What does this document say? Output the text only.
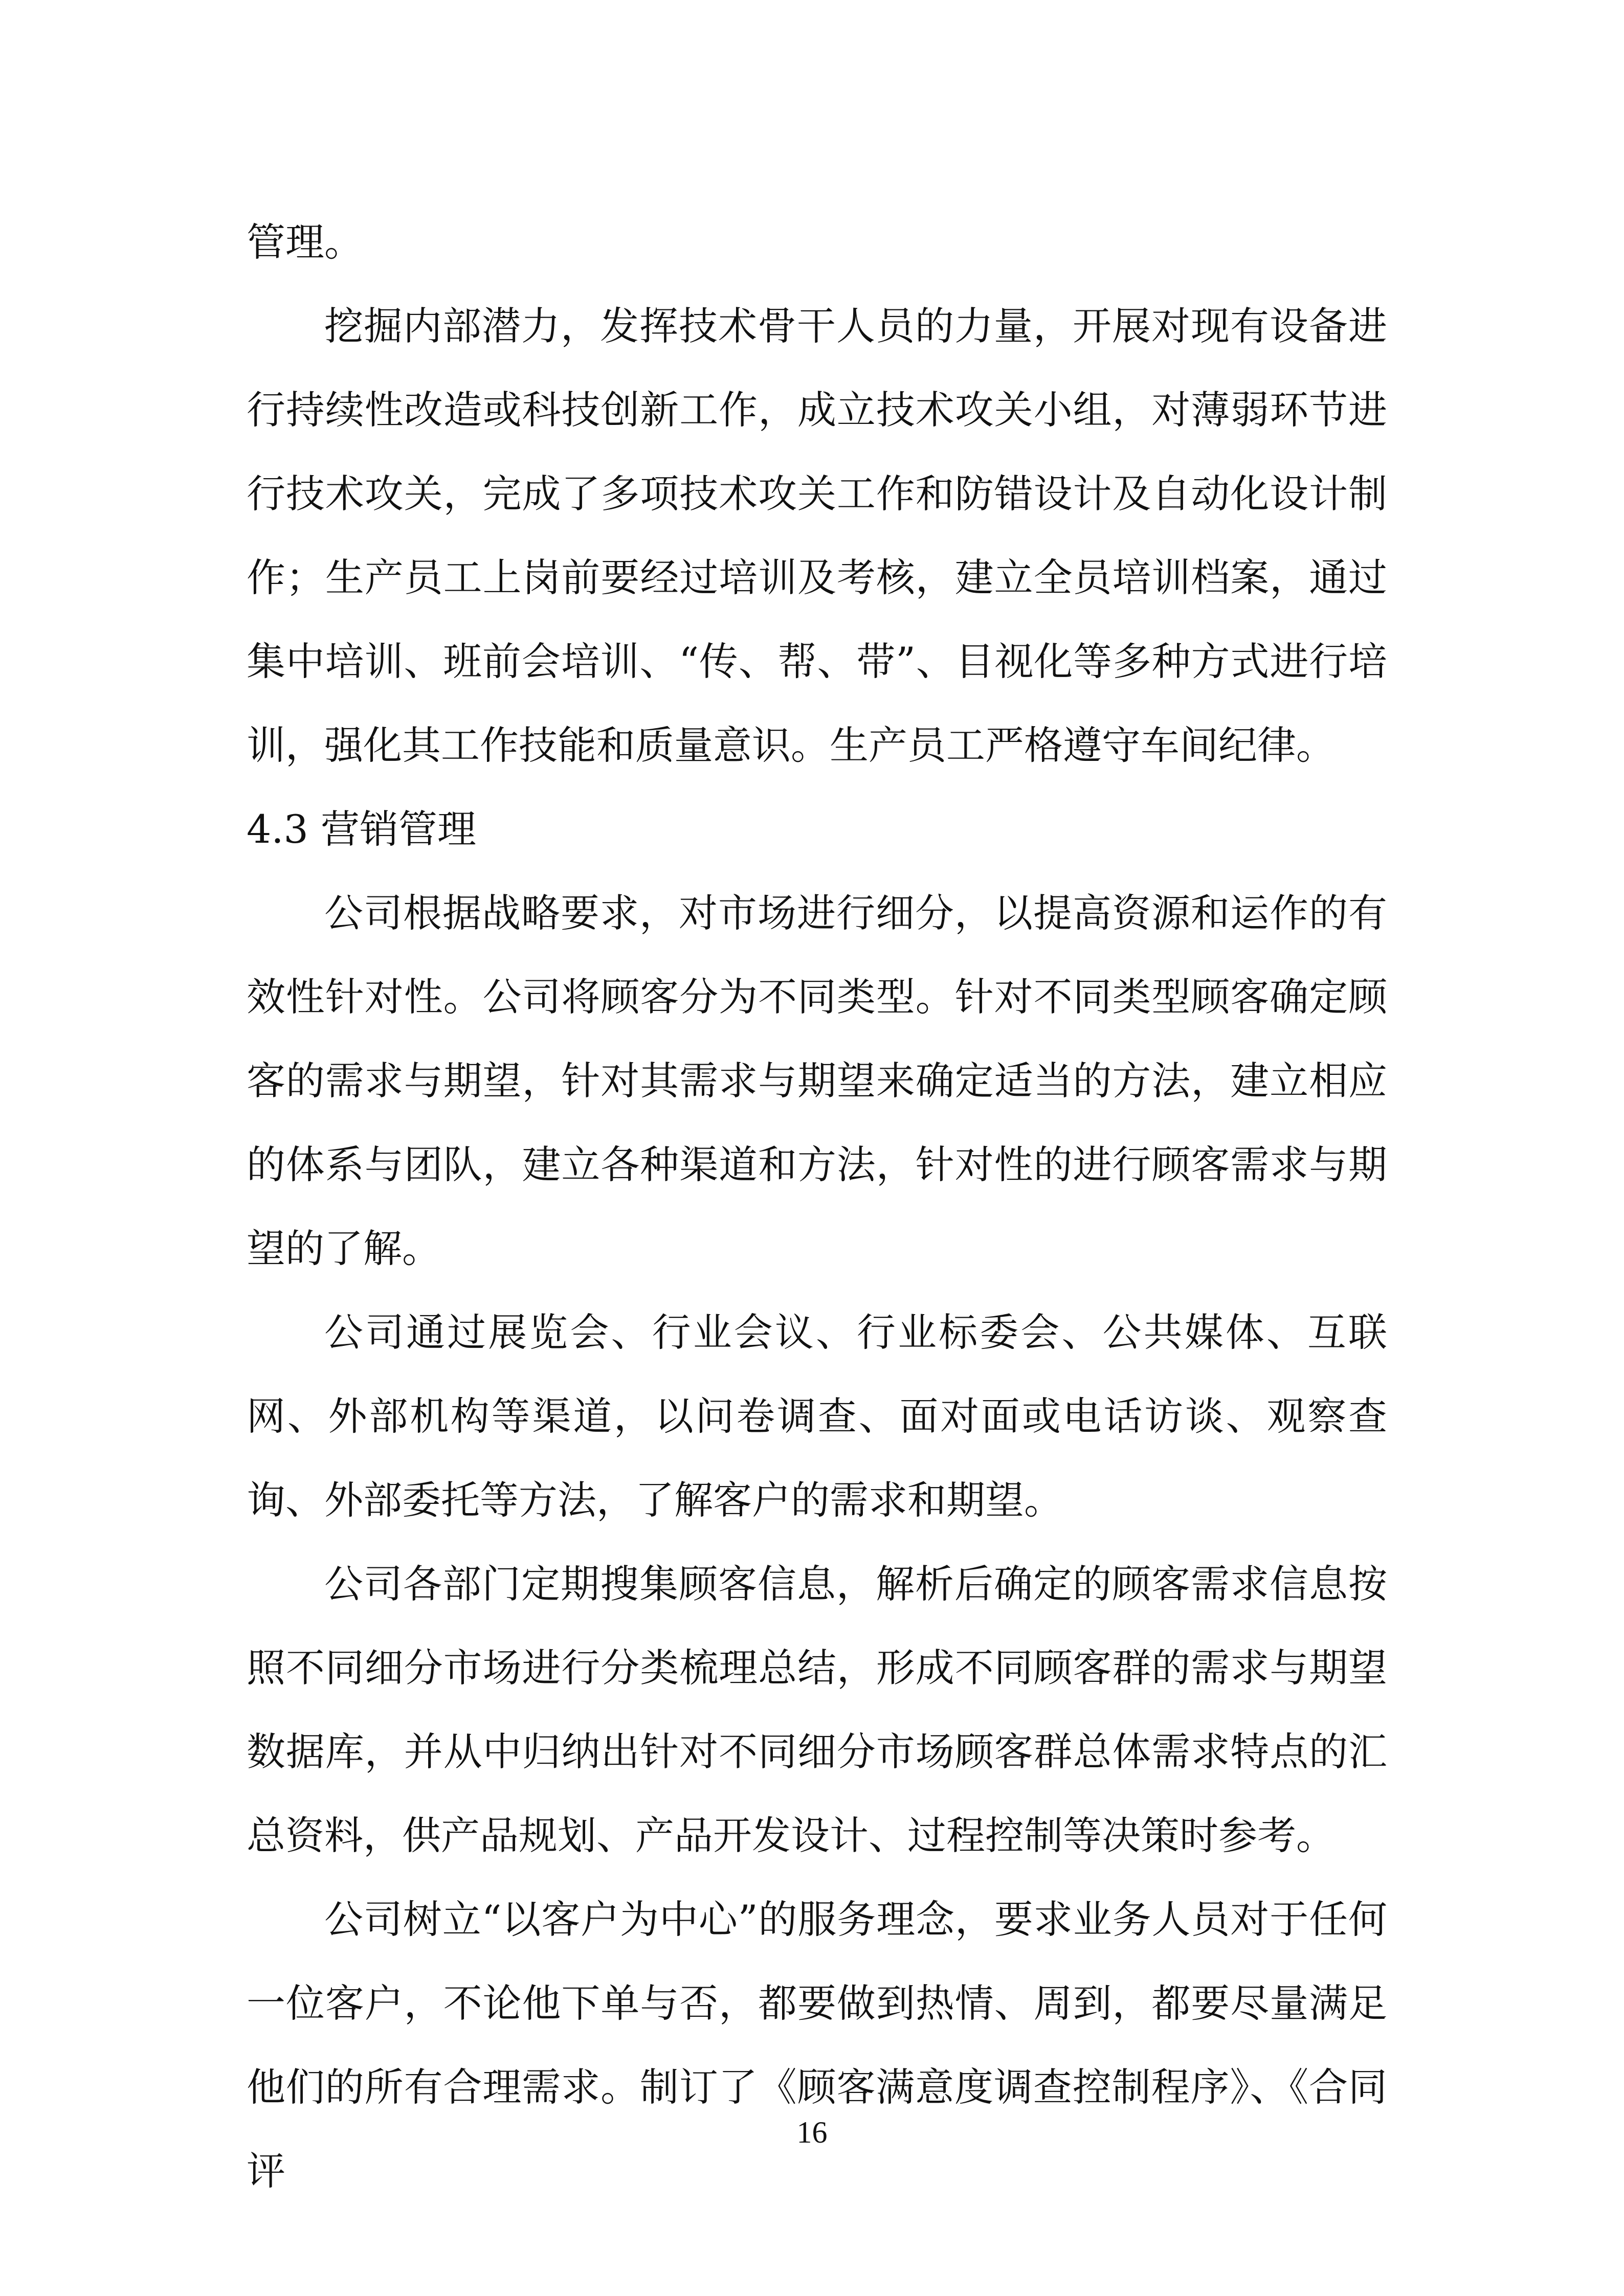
管理。

挖掘内部潜力，发挥技术骨干人员的力量，开展对现有设备进行持续性改造或科技创新工作，成立技术攻关小组，对薄弱环节进行技术攻关，完成了多项技术攻关工作和防错设计及自动化设计制作；生产员工上岗前要经过培训及考核，建立全员培训档案，通过集中培训、班前会培训、“传、帮、带”、目视化等多种方式进行培训，强化其工作技能和质量意识。生产员工严格遵守车间纪律。

4.3 营销管理

公司根据战略要求，对市场进行细分，以提高资源和运作的有效性针对性。公司将顾客分为不同类型。针对不同类型顾客确定顾客的需求与期望，针对其需求与期望来确定适当的方法，建立相应的体系与团队，建立各种渠道和方法，针对性的进行顾客需求与期望的了解。

公司通过展览会、行业会议、行业标委会、公共媒体、互联网、外部机构等渠道，以问卷调查、面对面或电话访谈、观察查询、外部委托等方法，了解客户的需求和期望。

公司各部门定期搜集顾客信息，解析后确定的顾客需求信息按照不同细分市场进行分类梳理总结，形成不同顾客群的需求与期望数据库，并从中归纳出针对不同细分市场顾客群总体需求特点的汇总资料，供产品规划、产品开发设计、过程控制等决策时参考。

公司树立“以客户为中心”的服务理念，要求业务人员对于任何一位客户，不论他下单与否，都要做到热情、周到，都要尽量满足他们的所有合理需求。制订了《顾客满意度调查控制程序》、《合同评

16
